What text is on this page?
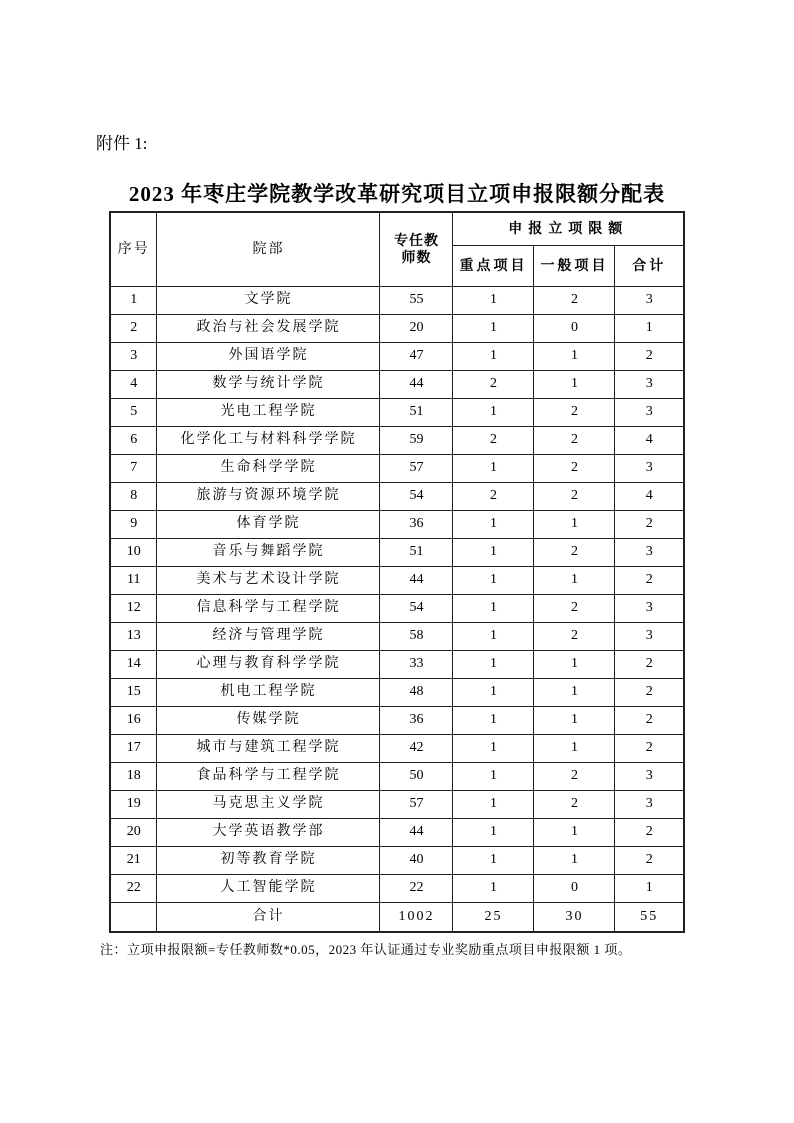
附件 1:
2023 年枣庄学院教学改革研究项目立项申报限额分配表
序号	院部	专任教师数	申报立项限额		
			重点项目	一般项目	合计
1	文学院	55	1	2	3
2	政治与社会发展学院	20	1	0	1
3	外国语学院	47	1	1	2
4	数学与统计学院	44	2	1	3
5	光电工程学院	51	1	2	3
6	化学化工与材料科学学院	59	2	2	4
7	生命科学学院	57	1	2	3
8	旅游与资源环境学院	54	2	2	4
9	体育学院	36	1	1	2
10	音乐与舞蹈学院	51	1	2	3
11	美术与艺术设计学院	44	1	1	2
12	信息科学与工程学院	54	1	2	3
13	经济与管理学院	58	1	2	3
14	心理与教育科学学院	33	1	1	2
15	机电工程学院	48	1	1	2
16	传媒学院	36	1	1	2
17	城市与建筑工程学院	42	1	1	2
18	食品科学与工程学院	50	1	2	3
19	马克思主义学院	57	1	2	3
20	大学英语教学部	44	1	1	2
21	初等教育学院	40	1	1	2
22	人工智能学院	22	1	0	1
	合计	1002	25	30	55
注：立项申报限额=专任教师数*0.05，2023 年认证通过专业奖励重点项目申报限额 1 项。
